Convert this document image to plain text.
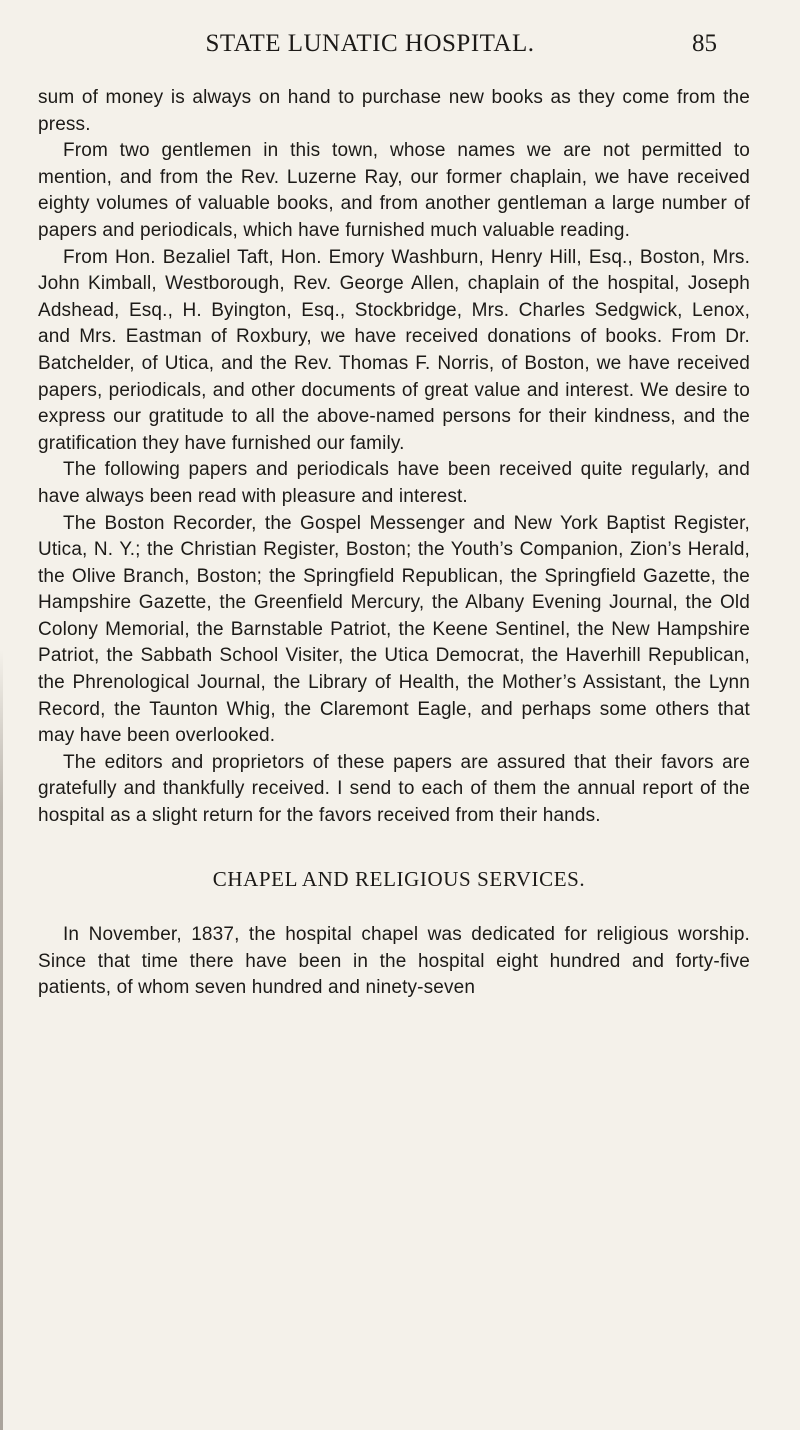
STATE LUNATIC HOSPITAL.	85

sum of money is always on hand to purchase new books as they come from the press.

From two gentlemen in this town, whose names we are not permitted to mention, and from the Rev. Luzerne Ray, our former chaplain, we have received eighty volumes of valuable books, and from another gentleman a large number of papers and periodicals, which have furnished much valuable reading.

From Hon. Bezaliel Taft, Hon. Emory Washburn, Henry Hill, Esq., Boston, Mrs. John Kimball, Westborough, Rev. George Allen, chaplain of the hospital, Joseph Adshead, Esq., H. Byington, Esq., Stockbridge, Mrs. Charles Sedgwick, Lenox, and Mrs. Eastman of Roxbury, we have received donations of books. From Dr. Batchelder, of Utica, and the Rev. Thomas F. Norris, of Boston, we have received papers, periodicals, and other documents of great value and interest. We desire to express our gratitude to all the above-named persons for their kindness, and the gratification they have furnished our family.

The following papers and periodicals have been received quite regularly, and have always been read with pleasure and interest.

The Boston Recorder, the Gospel Messenger and New York Baptist Register, Utica, N. Y.; the Christian Register, Boston; the Youth’s Companion, Zion’s Herald, the Olive Branch, Boston; the Springfield Republican, the Springfield Gazette, the Hampshire Gazette, the Greenfield Mercury, the Albany Evening Journal, the Old Colony Memorial, the Barnstable Patriot, the Keene Sentinel, the New Hampshire Patriot, the Sabbath School Visiter, the Utica Democrat, the Haverhill Republican, the Phrenological Journal, the Library of Health, the Mother’s Assistant, the Lynn Record, the Taunton Whig, the Claremont Eagle, and perhaps some others that may have been overlooked.

The editors and proprietors of these papers are assured that their favors are gratefully and thankfully received. I send to each of them the annual report of the hospital as a slight return for the favors received from their hands.

CHAPEL AND RELIGIOUS SERVICES.

In November, 1837, the hospital chapel was dedicated for religious worship. Since that time there have been in the hospital eight hundred and forty-five patients, of whom seven hundred and ninety-seven
